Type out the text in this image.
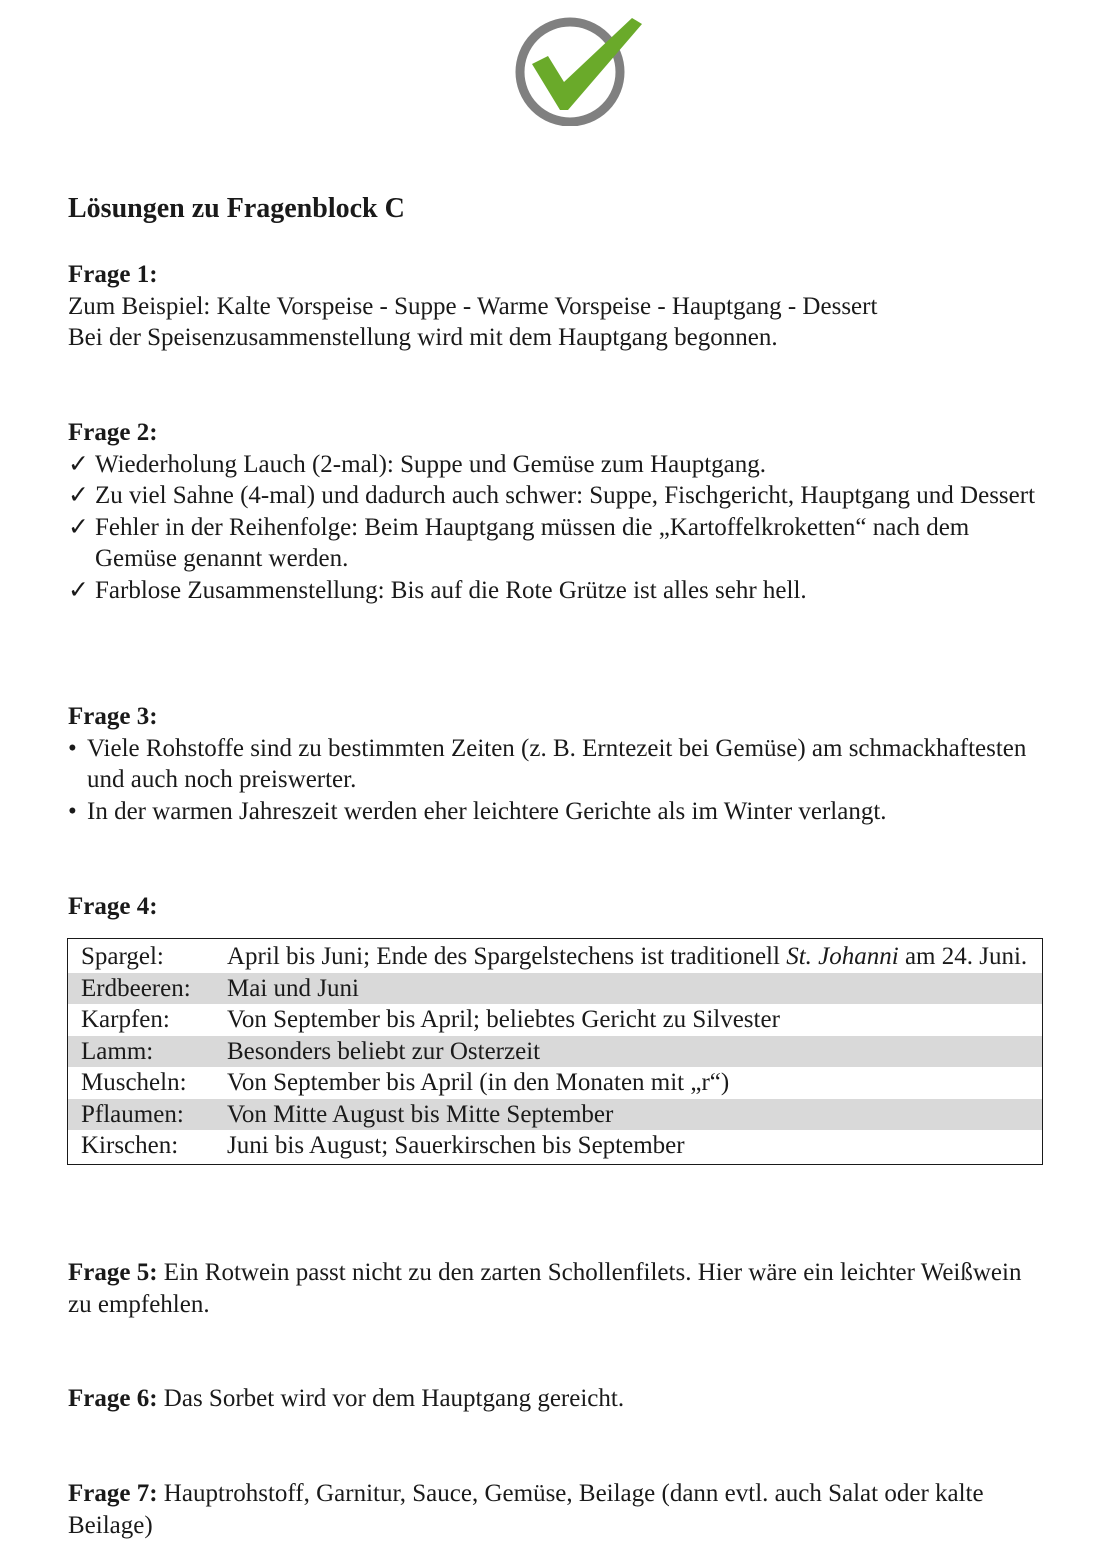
Lösungen zu Fragenblock C
Frage 1:
Zum Beispiel: Kalte Vorspeise - Suppe - Warme Vorspeise - Hauptgang - Dessert
Bei der Speisenzusammenstellung wird mit dem Hauptgang begonnen.
Frage 2:
✓ Wiederholung Lauch (2-mal): Suppe und Gemüse zum Hauptgang.
✓ Zu viel Sahne (4-mal) und dadurch auch schwer: Suppe, Fischgericht, Hauptgang und Dessert
✓ Fehler in der Reihenfolge: Beim Hauptgang müssen die „Kartoffelkroketten“ nach dem Gemüse genannt werden.
✓ Farblose Zusammenstellung: Bis auf die Rote Grütze ist alles sehr hell.
Frage 3:
• Viele Rohstoffe sind zu bestimmten Zeiten (z. B. Erntezeit bei Gemüse) am schmackhaftesten und auch noch preiswerter.
• In der warmen Jahreszeit werden eher leichtere Gerichte als im Winter verlangt.
Frage 4:
Spargel:	April bis Juni; Ende des Spargelstechens ist traditionell St. Johanni am 24. Juni.
Erdbeeren:	Mai und Juni
Karpfen:	Von September bis April; beliebtes Gericht zu Silvester
Lamm:	Besonders beliebt zur Osterzeit
Muscheln:	Von September bis April (in den Monaten mit „r“)
Pflaumen:	Von Mitte August bis Mitte September
Kirschen:	Juni bis August; Sauerkirschen bis September
Frage 5: Ein Rotwein passt nicht zu den zarten Schollenfilets. Hier wäre ein leichter Weißwein zu empfehlen.
Frage 6: Das Sorbet wird vor dem Hauptgang gereicht.
Frage 7: Hauptrohstoff, Garnitur, Sauce, Gemüse, Beilage (dann evtl. auch Salat oder kalte Beilage)
